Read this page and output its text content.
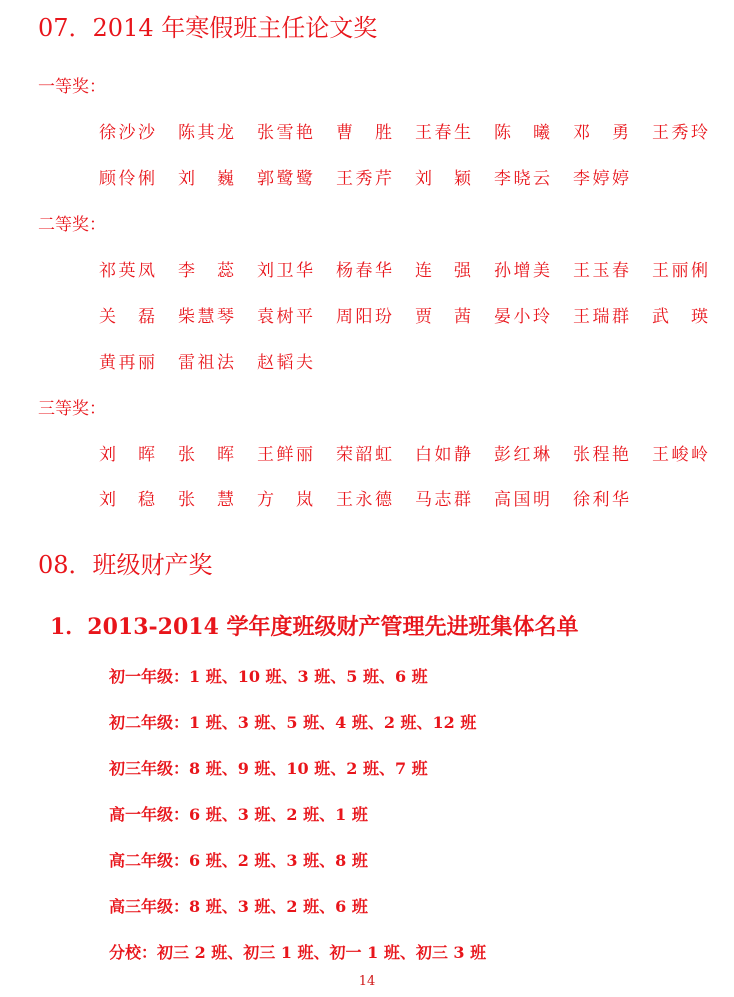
07．2014 年寒假班主任论文奖
一等奖：
徐沙沙 陈其龙 张雪艳 曹　胜 王春生 陈　曦 邓　勇 王秀玲
顾伶俐 刘　巍 郭鹭鹭 王秀芹 刘　颖 李晓云 李婷婷
二等奖：
祁英凤 李　蕊 刘卫华 杨春华 连　强 孙增美 王玉春 王丽俐
关　磊 柴慧琴 袁树平 周阳玢 贾　茜 晏小玲 王瑞群 武　瑛
黄再丽 雷祖法 赵韬夫
三等奖：
刘　晖 张　晖 王鲜丽 荣韶虹 白如静 彭红琳 张程艳 王峻岭
刘　稳 张　慧 方　岚 王永德 马志群 高国明 徐利华
08．班级财产奖
1．2013-2014 学年度班级财产管理先进班集体名单
初一年级：1 班、10 班、3 班、5 班、6 班
初二年级：1 班、3 班、5 班、4 班、2 班、12 班
初三年级：8 班、9 班、10 班、2 班、7 班
高一年级：6 班、3 班、2 班、1 班
高二年级：6 班、2 班、3 班、8 班
高三年级：8 班、3 班、2 班、6 班
分校：初三 2 班、初三 1 班、初一 1 班、初三 3 班
14
